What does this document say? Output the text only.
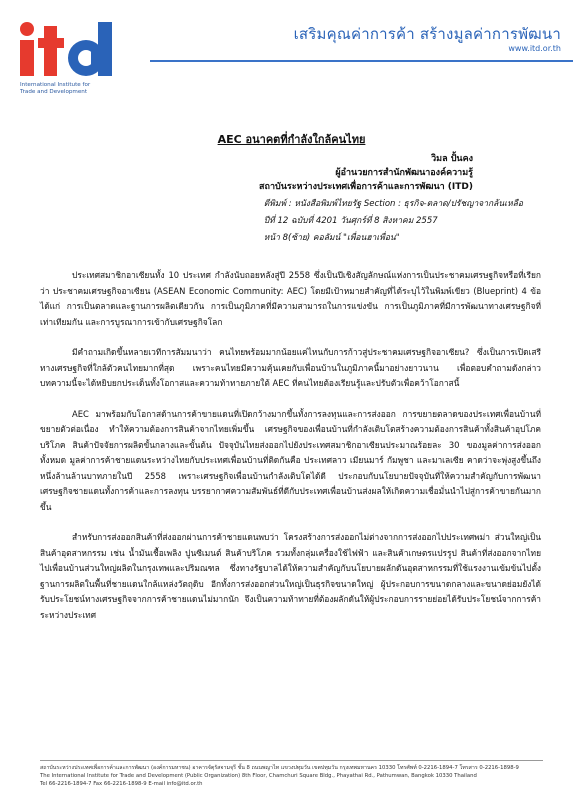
International Institute for
Trade and Development
เสริมคุณค่าการค้า สร้างมูลค่าการพัฒนา
www.itd.or.th
AEC อนาคตที่กำลังใกล้คนไทย
วิมล ปั้นคง
ผู้อำนวยการสำนักพัฒนาองค์ความรู้
สถาบันระหว่างประเทศเพื่อการค้าและการพัฒนา (ITD)
ตีพิมพ์ : หนังสือพิมพ์ไทยรัฐ Section : ธุรกิจ-ตลาด/ปรัชญาจากล้นเหลือ
ปีที่ 12 ฉบับที่ 4201 วันศุกร์ที่ 8 สิงหาคม 2557
หน้า 8(ซ้าย) คอลัมน์ "เพื่อนฮาเพื่อน"

ประเทศสมาชิกอาเซียนทั้ง 10 ประเทศ กำลังนับถอยหลังสู่ปี 2558 ซึ่งเป็นปีเชิงสัญลักษณ์แห่งการเป็นประชาคมเศรษฐกิจหรือที่เรียกว่า ประชาคมเศรษฐกิจอาเซียน (ASEAN Economic Community: AEC) โดยมีเป้าหมายสำคัญที่ได้ระบุไว้ในพิมพ์เขียว (Blueprint) 4 ข้อ ได้แก่ การเป็นตลาดและฐานการผลิตเดียวกัน การเป็นภูมิภาคที่มีความสามารถในการแข่งขัน การเป็นภูมิภาคที่มีการพัฒนาทางเศรษฐกิจที่เท่าเทียมกัน และการบูรณาการเข้ากับเศรษฐกิจโลก

มีคำถามเกิดขึ้นหลายเวทีการสัมมนาว่า คนไทยพร้อมมากน้อยแค่ไหนกับการก้าวสู่ประชาคมเศรษฐกิจอาเซียน? ซึ่งเป็นการเปิดเสรีทางเศรษฐกิจที่ใกล้ตัวคนไทยมากที่สุด เพราะคนไทยมีความคุ้นเคยกับเพื่อนบ้านในภูมิภาคนี้มาอย่างยาวนาน เพื่อตอบคำถามดังกล่าว บทความนี้จะได้หยิบยกประเด็นทั้งโอกาสและความท้าทายภายใต้ AEC ที่คนไทยต้องเรียนรู้และปรับตัวเพื่อคว้าโอกาสนี้

AEC มาพร้อมกับโอกาสด้านการค้าขายแดนที่เปิดกว้างมากขึ้นทั้งการลงทุนและการส่งออก การขยายตลาดของประเทศเพื่อนบ้านที่ขยายตัวต่อเนื่อง ทำให้ความต้องการสินค้าจากไทยเพิ่มขึ้น เศรษฐกิจของเพื่อนบ้านที่กำลังเติบโตสร้างความต้องการสินค้าทั้งสินค้าอุปโภคบริโภค สินค้าปัจจัยการผลิตขั้นกลางและขั้นต้น ปัจจุบันไทยส่งออกไปยังประเทศสมาชิกอาเซียนประมาณร้อยละ 30 ของมูลค่าการส่งออกทั้งหมด มูลค่าการค้าชายแดนระหว่างไทยกับประเทศเพื่อนบ้านที่ติดกันคือ ประเทศลาว เมียนมาร์ กัมพูชา และมาเลเซีย คาดว่าจะพุ่งสูงขึ้นถึงหนึ่งล้านล้านบาทภายในปี 2558 เพราะเศรษฐกิจเพื่อนบ้านกำลังเติบโตได้ดี ประกอบกับนโยบายปัจจุบันที่ให้ความสำคัญกับการพัฒนาเศรษฐกิจชายแดนทั้งการค้าและการลงทุน บรรยากาศความสัมพันธ์ที่ดีกับประเทศเพื่อนบ้านส่งผลให้เกิดความเชื่อมั่นนำไปสู่การค้าขายกันมากขึ้น

สำหรับการส่งออกสินค้าที่ส่งออกผ่านการค้าชายแดนพบว่า โครงสร้างการส่งออกไม่ต่างจากการส่งออกไปประเทศพม่า ส่วนใหญ่เป็นสินค้าอุตสาหกรรม เช่น น้ำมันเชื้อเพลิง ปูนซีเมนต์ สินค้าบริโภค รวมทั้งกลุ่มเครื่องใช้ไฟฟ้า และสินค้าเกษตรแปรรูป สินค้าที่ส่งออกจากไทยไปเพื่อนบ้านส่วนใหญ่ผลิตในกรุงเทพและปริมณฑล ซึ่งทางรัฐบาลได้ให้ความสำคัญกับนโยบายผลักดันอุตสาหกรรมที่ใช้แรงงานเข้มข้นไปตั้งฐานการผลิตในพื้นที่ชายแดนใกล้แหล่งวัตถุดิบ อีกทั้งการส่งออกส่วนใหญ่เป็นธุรกิจขนาดใหญ่ ผู้ประกอบการขนาดกลางและขนาดย่อมยังได้รับประโยชน์ทางเศรษฐกิจจากการค้าชายแดนไม่มากนัก จึงเป็นความท้าทายที่ต้องผลักดันให้ผู้ประกอบการรายย่อยได้รับประโยชน์จากการค้าระหว่างประเทศ

สถาบันระหว่างประเทศเพื่อการค้าและการพัฒนา (องค์การมหาชน) อาคารจัตุรัสจามจุรี ชั้น 8 ถนนพญาไท แขวงปทุมวัน เขตปทุมวัน กรุงเทพมหานคร 10330 โทรศัพท์ 0-2216-1894-7 โทรสาร 0-2216-1898-9
The International Institute for Trade and Development (Public Organization) 8th Floor, Chamchuri Square Bldg., Phayathai Rd., Pathumwan, Bangkok 10330 Thailand
Tel 66-2216-1894-7 Fax 66-2216-1898-9 E-mail info@itd.or.th
